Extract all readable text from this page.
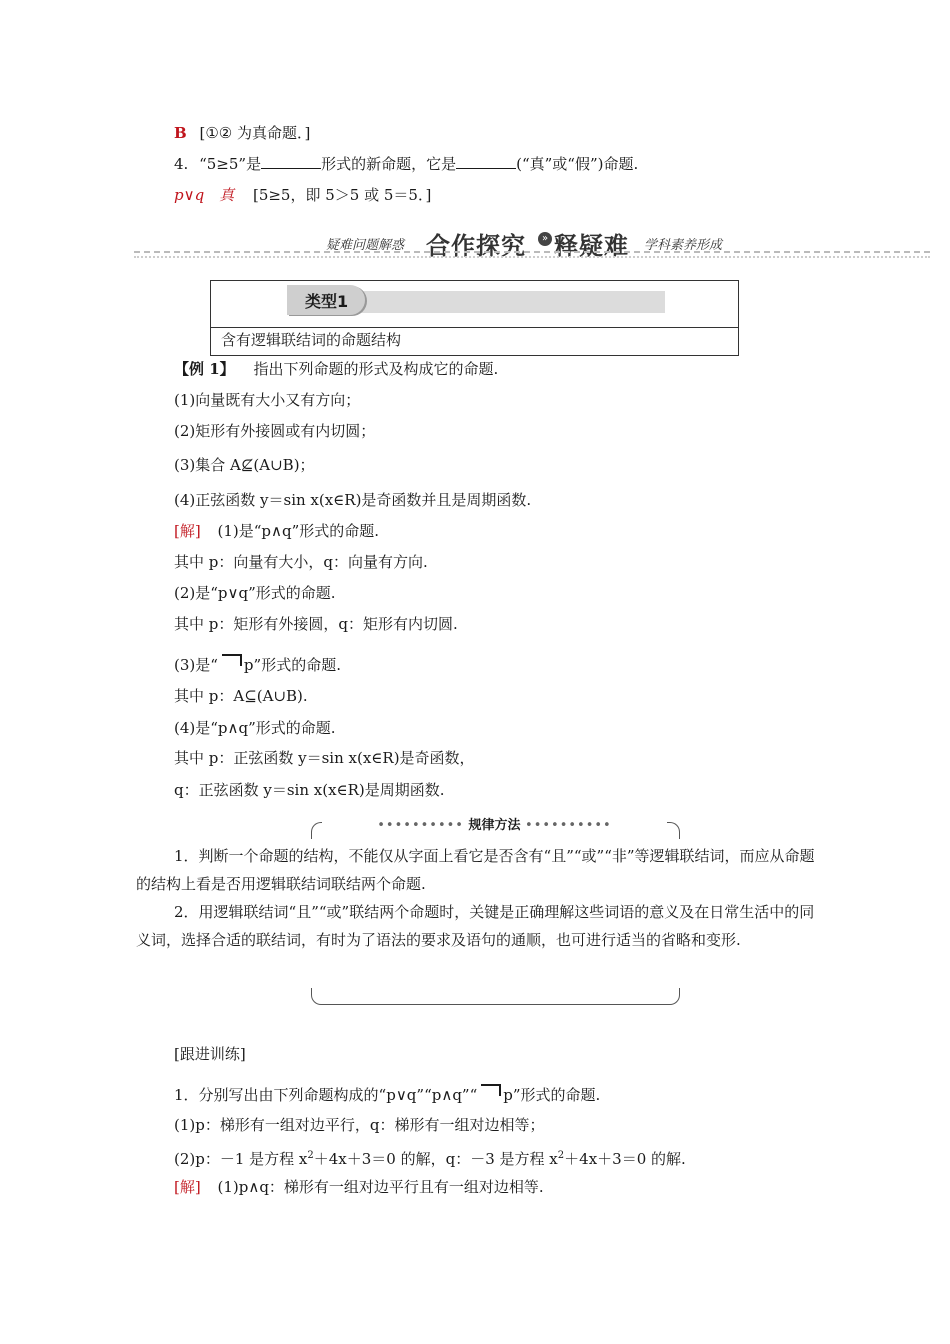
B [①② 为真命题．]
4. “5≥5”是	形式的新命题，它是	(“真”或“假”)命题.
p∨q　真 [5≥5，即 5＞5 或 5＝5．]
疑难问题解惑 合作探究	» 释疑难 学科素养形成
类型1
含有逻辑联结词的命题结构
【例 1】 指出下列命题的形式及构成它的命题.
(1)向量既有大小又有方向；
(2)矩形有外接圆或有内切圆；
(3)集合 A⊈(A∪B)；
(4)正弦函数 y＝sin x(x∈R)是奇函数并且是周期函数.
[解] (1)是“p∧q”形式的命题.
其中 p：向量有大小，q：向量有方向.
(2)是“p∨q”形式的命题.
其中 p：矩形有外接圆，q：矩形有内切圆.
(3)是“ p”形式的命题.
其中 p：A⊆(A∪B).
(4)是“p∧q”形式的命题.
其中 p：正弦函数 y＝sin x(x∈R)是奇函数，
q：正弦函数 y＝sin x(x∈R)是周期函数.
•••••••••• 规律方法 ••••••••••
1．判断一个命题的结构，不能仅从字面上看它是否含有“且”“或”“非”等逻辑联结词，而应从命题的结构上看是否用逻辑联结词联结两个命题.
2．用逻辑联结词“且”“或”联结两个命题时，关键是正确理解这些词语的意义及在日常生活中的同义词，选择合适的联结词，有时为了语法的要求及语句的通顺，也可进行适当的省略和变形.
[跟进训练]
1．分别写出由下列命题构成的“p∨q”“p∧q”“ p”形式的命题.
(1)p：梯形有一组对边平行，q：梯形有一组对边相等；
(2)p：－1 是方程 $x^2+4x+3=0$ 的解，q：－3 是方程 $x^2+4x+3=0$ 的解.
[解] (1)p∧q：梯形有一组对边平行且有一组对边相等.
